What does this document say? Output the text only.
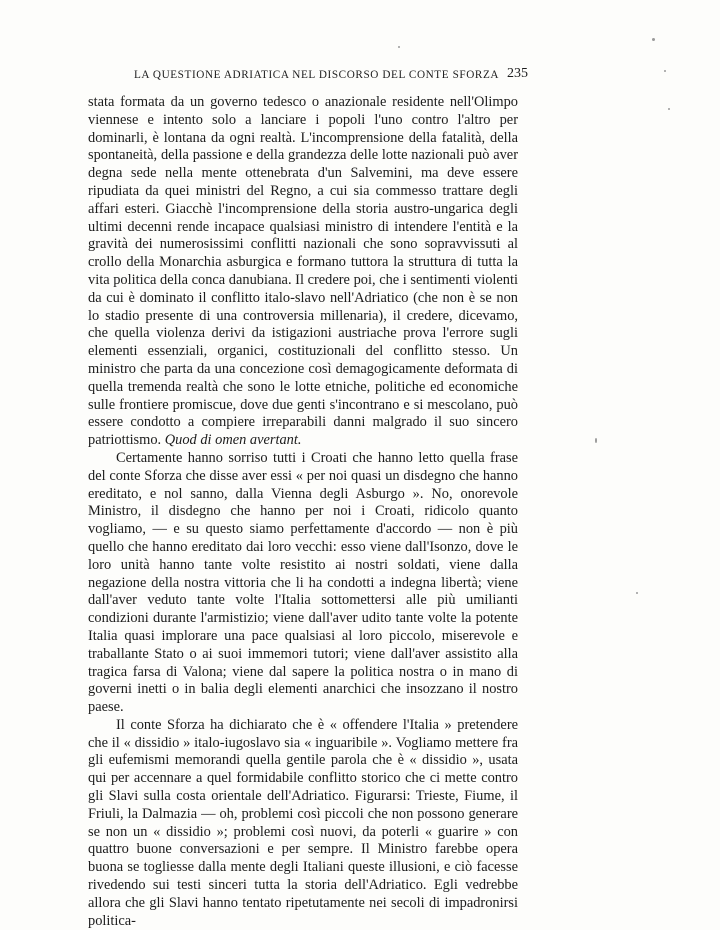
LA QUESTIONE ADRIATICA NEL DISCORSO DEL CONTE SFORZA 235

stata formata da un governo tedesco o anazionale residente nell'Olimpo viennese e intento solo a lanciare i popoli l'uno contro l'altro per dominarli, è lontana da ogni realtà. L'incomprensione della fatalità, della spontaneità, della passione e della grandezza delle lotte nazionali può aver degna sede nella mente ottenebrata d'un Salvemini, ma deve essere ripudiata da quei ministri del Regno, a cui sia commesso trattare degli affari esteri. Giacchè l'incomprensione della storia austro-ungarica degli ultimi decenni rende incapace qualsiasi ministro di intendere l'entità e la gravità dei numerosissimi conflitti nazionali che sono sopravvissuti al crollo della Monarchia asburgica e formano tuttora la struttura di tutta la vita politica della conca danubiana. Il credere poi, che i sentimenti violenti da cui è dominato il conflitto italo-slavo nell'Adriatico (che non è se non lo stadio presente di una controversia millenaria), il credere, dicevamo, che quella violenza derivi da istigazioni austriache prova l'errore sugli elementi essenziali, organici, costituzionali del conflitto stesso. Un ministro che parta da una concezione così demagogicamente deformata di quella tremenda realtà che sono le lotte etniche, politiche ed economiche sulle frontiere promiscue, dove due genti s'incontrano e si mescolano, può essere condotto a compiere irreparabili danni malgrado il suo sincero patriottismo. Quod di omen avertant.

Certamente hanno sorriso tutti i Croati che hanno letto quella frase del conte Sforza che disse aver essi « per noi quasi un disdegno che hanno ereditato, e nol sanno, dalla Vienna degli Asburgo ». No, onorevole Ministro, il disdegno che hanno per noi i Croati, ridicolo quanto vogliamo, — e su questo siamo perfettamente d'accordo — non è più quello che hanno ereditato dai loro vecchi: esso viene dall'Isonzo, dove le loro unità hanno tante volte resistito ai nostri soldati, viene dalla negazione della nostra vittoria che li ha condotti a indegna libertà; viene dall'aver veduto tante volte l'Italia sottomettersi alle più umilianti condizioni durante l'armistizio; viene dall'aver udito tante volte la potente Italia quasi implorare una pace qualsiasi al loro piccolo, miserevole e traballante Stato o ai suoi immemori tutori; viene dall'aver assistito alla tragica farsa di Valona; viene dal sapere la politica nostra o in mano di governi inetti o in balia degli elementi anarchici che insozzano il nostro paese.

Il conte Sforza ha dichiarato che è « offendere l'Italia » pretendere che il « dissidio » italo-iugoslavo sia « inguaribile ». Vogliamo mettere fra gli eufemismi memorandi quella gentile parola che è « dissidio », usata qui per accennare a quel formidabile conflitto storico che ci mette contro gli Slavi sulla costa orientale dell'Adriatico. Figurarsi: Trieste, Fiume, il Friuli, la Dalmazia — oh, problemi così piccoli che non possono generare se non un « dissidio »; problemi così nuovi, da poterli « guarire » con quattro buone conversazioni e per sempre. Il Ministro farebbe opera buona se togliesse dalla mente degli Italiani queste illusioni, e ciò facesse rivedendo sui testi sinceri tutta la storia dell'Adriatico. Egli vedrebbe allora che gli Slavi hanno tentato ripetutamente nei secoli di impadronirsi politica-
